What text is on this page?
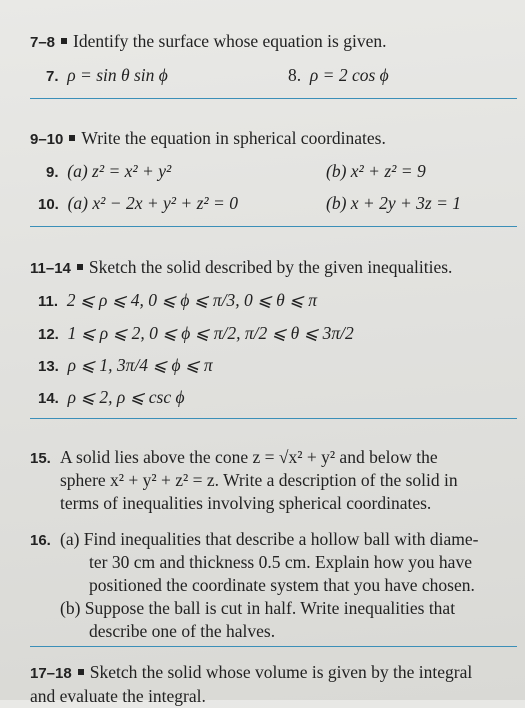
7–8 Identify the surface whose equation is given.
7. ρ = sin θ sin ϕ	8. ρ = 2 cos ϕ
9–10 Write the equation in spherical coordinates.
9. (a) z² = x² + y²	(b) x² + z² = 9
10. (a) x² − 2x + y² + z² = 0	(b) x + 2y + 3z = 1
11–14 Sketch the solid described by the given inequalities.
11. 2 ⩽ ρ ⩽ 4, 0 ⩽ ϕ ⩽ π/3, 0 ⩽ θ ⩽ π
12. 1 ⩽ ρ ⩽ 2, 0 ⩽ ϕ ⩽ π/2, π/2 ⩽ θ ⩽ 3π/2
13. ρ ⩽ 1, 3π/4 ⩽ ϕ ⩽ π
14. ρ ⩽ 2, ρ ⩽ csc ϕ
15. A solid lies above the cone z = √x² + y² and below the
sphere x² + y² + z² = z. Write a description of the solid in
terms of inequalities involving spherical coordinates.
16. (a) Find inequalities that describe a hollow ball with diame-
ter 30 cm and thickness 0.5 cm. Explain how you have
positioned the coordinate system that you have chosen.
(b) Suppose the ball is cut in half. Write inequalities that
describe one of the halves.
17–18 Sketch the solid whose volume is given by the integral
and evaluate the integral.
